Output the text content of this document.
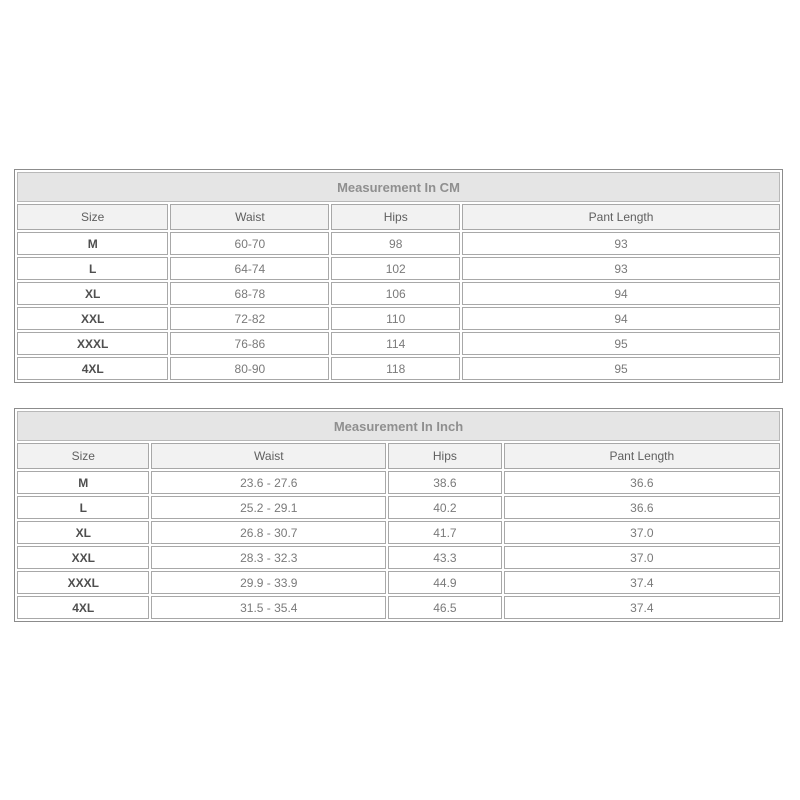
Measurement In CM			
Size	Waist	Hips	Pant Length
M	60-70	98	93
L	64-74	102	93
XL	68-78	106	94
XXL	72-82	110	94
XXXL	76-86	114	95
4XL	80-90	118	95
Measurement In Inch			
Size	Waist	Hips	Pant Length
M	23.6 - 27.6	38.6	36.6
L	25.2 - 29.1	40.2	36.6
XL	26.8 - 30.7	41.7	37.0
XXL	28.3 - 32.3	43.3	37.0
XXXL	29.9 - 33.9	44.9	37.4
4XL	31.5 - 35.4	46.5	37.4
